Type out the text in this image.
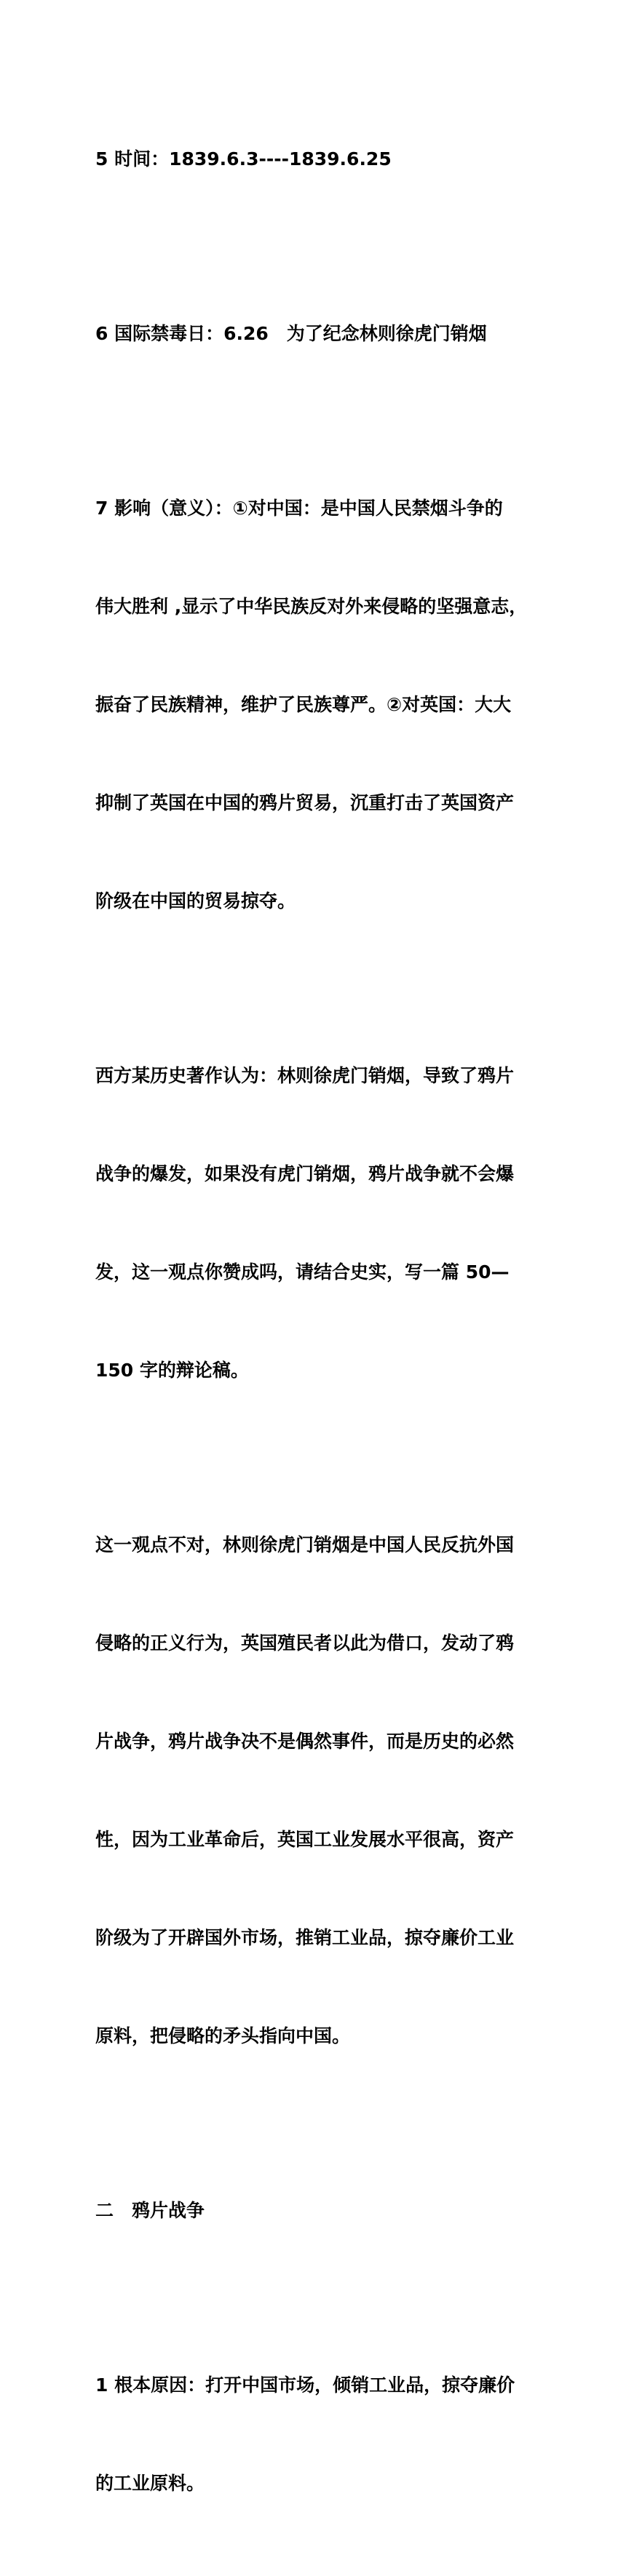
5 时间：1839.6.3----1839.6.25

6 国际禁毒日：6.26　为了纪念林则徐虎门销烟

7 影响（意义）：①对中国：是中国人民禁烟斗争的

伟大胜利 ,显示了中华民族反对外来侵略的坚强意志，

振奋了民族精神，维护了民族尊严。②对英国：大大

抑制了英国在中国的鸦片贸易，沉重打击了英国资产

阶级在中国的贸易掠夺。

西方某历史著作认为：林则徐虎门销烟，导致了鸦片

战争的爆发，如果没有虎门销烟，鸦片战争就不会爆

发，这一观点你赞成吗，请结合史实，写一篇 50—

150 字的辩论稿。

这一观点不对，林则徐虎门销烟是中国人民反抗外国

侵略的正义行为，英国殖民者以此为借口，发动了鸦

片战争，鸦片战争决不是偶然事件，而是历史的必然

性，因为工业革命后，英国工业发展水平很高，资产

阶级为了开辟国外市场，推销工业品，掠夺廉价工业

原料，把侵略的矛头指向中国。

二　鸦片战争

1 根本原因：打开中国市场，倾销工业品，掠夺廉价

的工业原料。
